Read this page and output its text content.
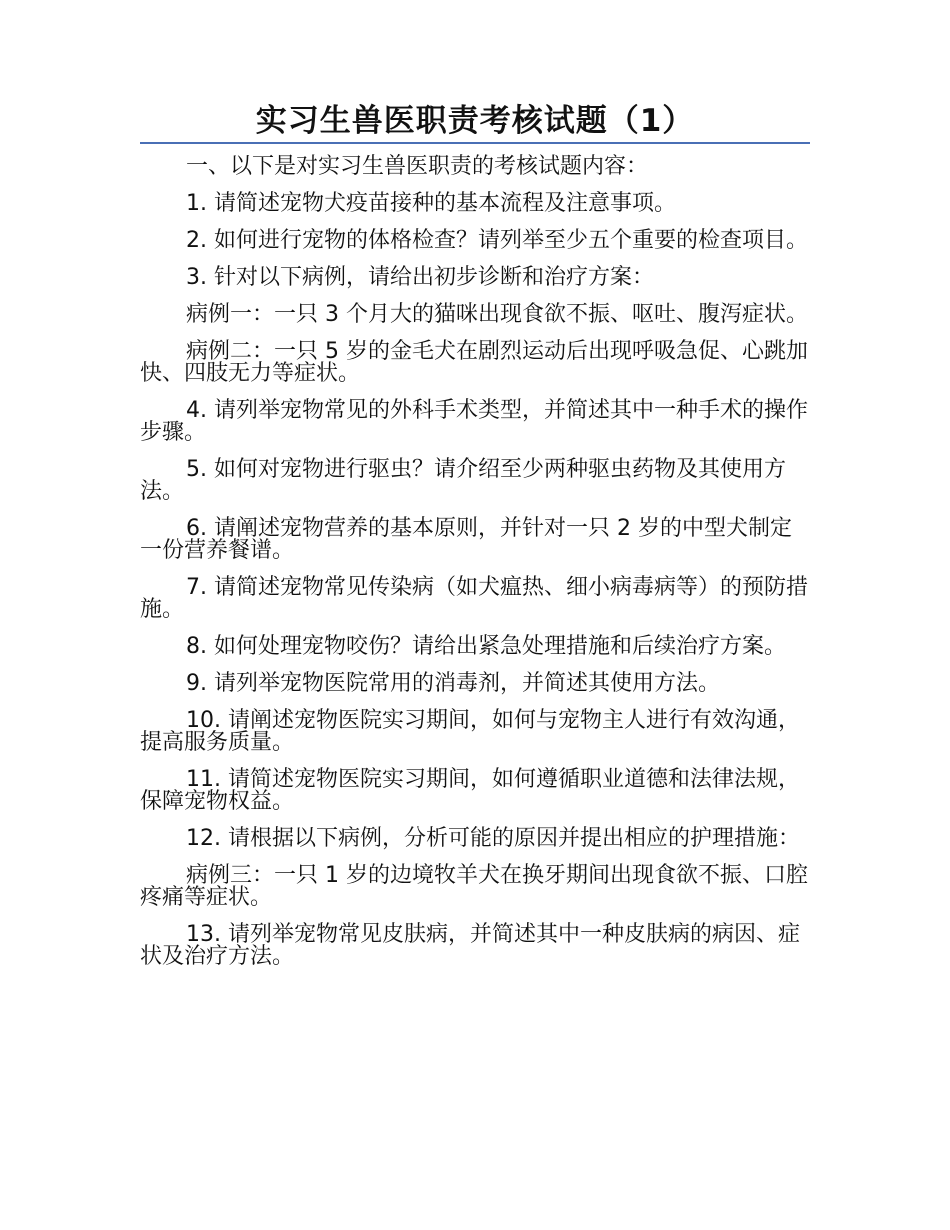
实习生兽医职责考核试题（1）

一、以下是对实习生兽医职责的考核试题内容：

1. 请简述宠物犬疫苗接种的基本流程及注意事项。

2. 如何进行宠物的体格检查？请列举至少五个重要的检查项目。

3. 针对以下病例，请给出初步诊断和治疗方案：

病例一：一只 3 个月大的猫咪出现食欲不振、呕吐、腹泻症状。

病例二：一只 5 岁的金毛犬在剧烈运动后出现呼吸急促、心跳加快、四肢无力等症状。

4. 请列举宠物常见的外科手术类型，并简述其中一种手术的操作步骤。

5. 如何对宠物进行驱虫？请介绍至少两种驱虫药物及其使用方法。

6. 请阐述宠物营养的基本原则，并针对一只 2 岁的中型犬制定一份营养餐谱。

7. 请简述宠物常见传染病（如犬瘟热、细小病毒病等）的预防措施。

8. 如何处理宠物咬伤？请给出紧急处理措施和后续治疗方案。

9. 请列举宠物医院常用的消毒剂，并简述其使用方法。

10. 请阐述宠物医院实习期间，如何与宠物主人进行有效沟通，提高服务质量。

11. 请简述宠物医院实习期间，如何遵循职业道德和法律法规，保障宠物权益。

12. 请根据以下病例，分析可能的原因并提出相应的护理措施：

病例三：一只 1 岁的边境牧羊犬在换牙期间出现食欲不振、口腔疼痛等症状。

13. 请列举宠物常见皮肤病，并简述其中一种皮肤病的病因、症状及治疗方法。
